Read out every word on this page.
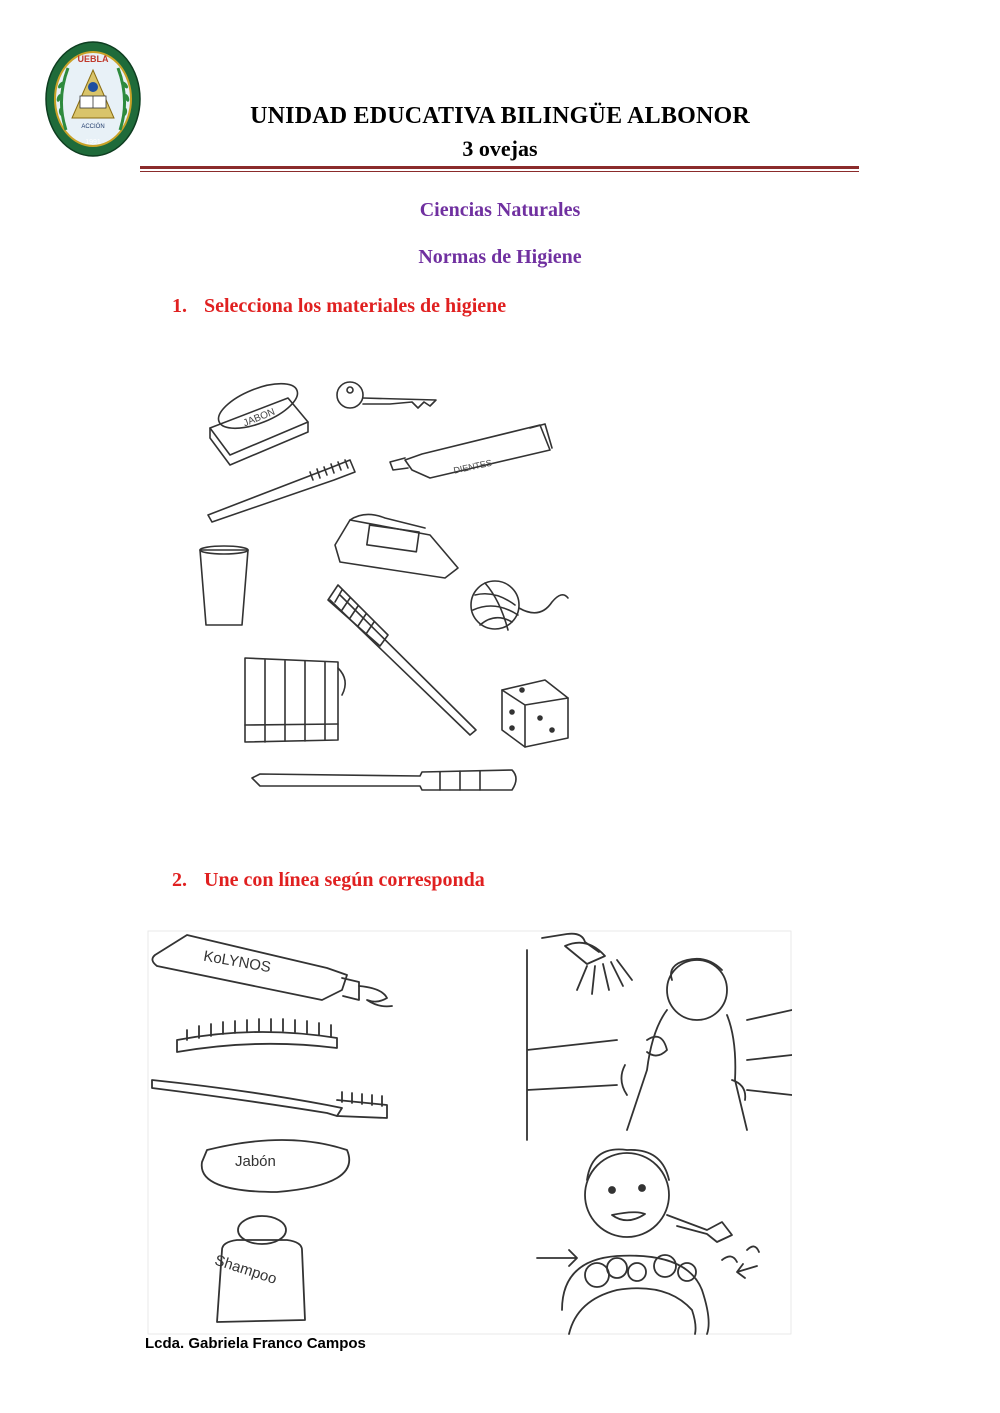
UEBLA
ACCIÓN
1991
UNIDAD EDUCATIVA BILINGÜE ALBONOR
3 ovejas
Ciencias Naturales
Normas de Higiene
1. Selecciona los materiales de higiene
JABON
DIENTES
2. Une con línea según corresponda
KoLYNOS
Jabón
Shampoo
Lcda. Gabriela Franco Campos
